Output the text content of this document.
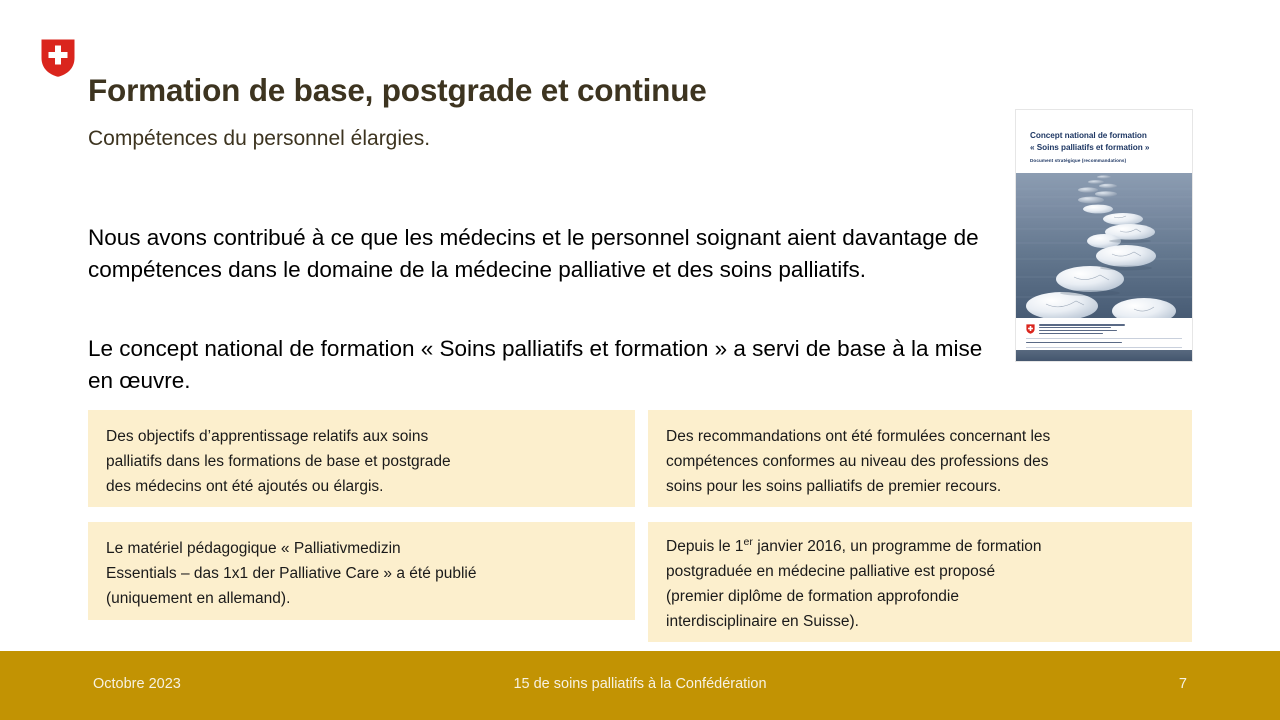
Formation de base, postgrade et continue
Compétences du personnel élargies.

Nous avons contribué à ce que les médecins et le personnel soignant aient davantage de compétences dans le domaine de la médecine palliative et des soins palliatifs.

Le concept national de formation « Soins palliatifs et formation » a servi de base à la mise en œuvre.

Des objectifs d’apprentissage relatifs aux soins
palliatifs dans les formations de base et postgrade
des médecins ont été ajoutés ou élargis.
Des recommandations ont été formulées concernant les
compétences conformes au niveau des professions des
soins pour les soins palliatifs de premier recours.
Le matériel pédagogique « Palliativmedizin
Essentials – das 1x1 der Palliative Care » a été publié
(uniquement en allemand).
Depuis le 1er janvier 2016, un programme de formation
postgraduée en médecine palliative est proposé
(premier diplôme de formation approfondie
interdisciplinaire en Suisse).
Concept national de formation
« Soins palliatifs et formation »
Document stratégique (recommandations)
Octobre 2023	15 de soins palliatifs à la Confédération	7
